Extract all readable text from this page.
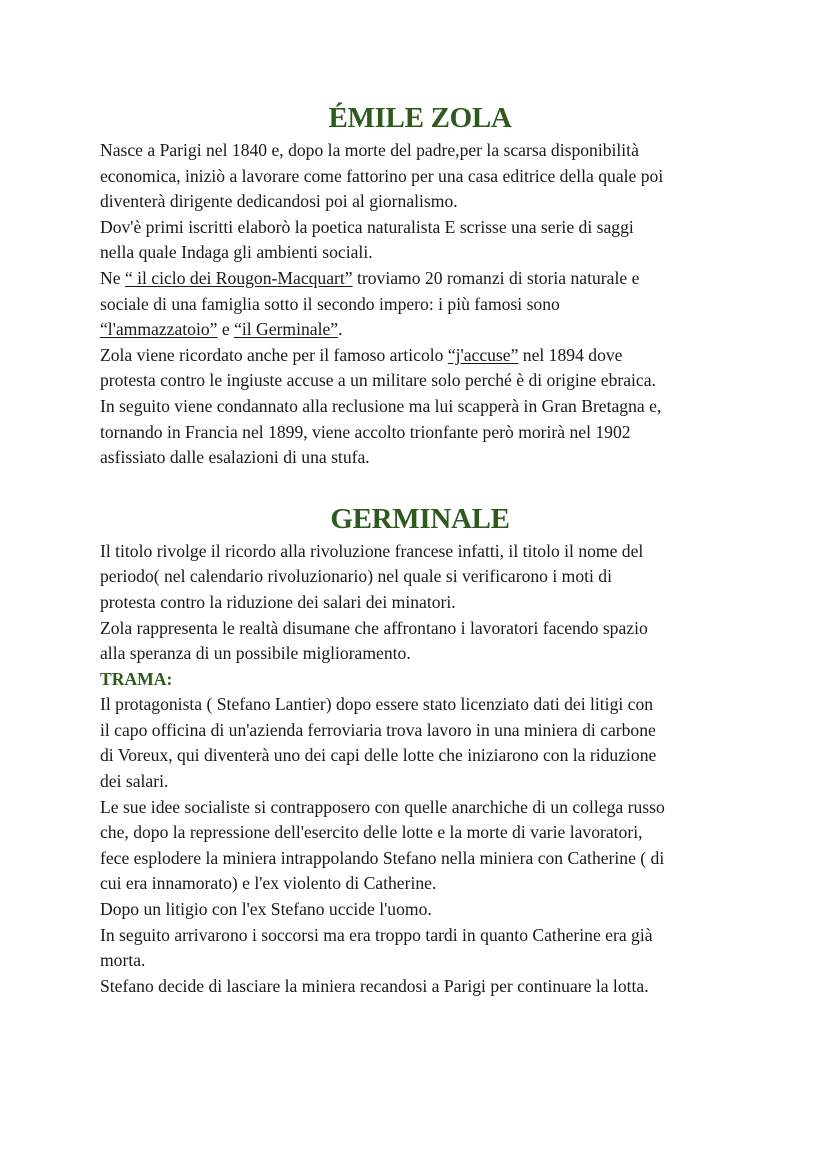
ÉMILE ZOLA

Nasce a Parigi nel 1840 e, dopo la morte del padre,per la scarsa disponibilità

economica, iniziò a lavorare come fattorino per una casa editrice della quale poi

diventerà dirigente dedicandosi poi al giornalismo.

Dov'è primi iscritti elaborò la poetica naturalista E scrisse una serie di saggi

nella quale Indaga gli ambienti sociali.

Ne “ il ciclo dei Rougon-Macquart” troviamo 20 romanzi di storia naturale e

sociale di una famiglia sotto il secondo impero: i più famosi sono

“l'ammazzatoio” e “il Germinale”.

Zola viene ricordato anche per il famoso articolo “j'accuse” nel 1894 dove

protesta contro le ingiuste accuse a un militare solo perché è di origine ebraica.

In seguito viene condannato alla reclusione ma lui scapperà in Gran Bretagna e,

tornando in Francia nel 1899, viene accolto trionfante però morirà nel 1902

asfissiato dalle esalazioni di una stufa.

GERMINALE

Il titolo rivolge il ricordo alla rivoluzione francese infatti, il titolo il nome del

periodo( nel calendario rivoluzionario) nel quale si verificarono i moti di

protesta contro la riduzione dei salari dei minatori.

Zola rappresenta le realtà disumane che affrontano i lavoratori facendo spazio

alla speranza di un possibile miglioramento.

TRAMA:

Il protagonista ( Stefano Lantier) dopo essere stato licenziato dati dei litigi con

il capo officina di un'azienda ferroviaria trova lavoro in una miniera di carbone

di Voreux, qui diventerà uno dei capi delle lotte che iniziarono con la riduzione

dei salari.

Le sue idee socialiste si contrapposero con quelle anarchiche di un collega russo

che, dopo la repressione dell'esercito delle lotte e la morte di varie lavoratori,

fece esplodere la miniera intrappolando Stefano nella miniera con Catherine ( di

cui era innamorato) e l'ex violento di Catherine.

Dopo un litigio con l'ex Stefano uccide l'uomo.

In seguito arrivarono i soccorsi ma era troppo tardi in quanto Catherine era già

morta.

Stefano decide di lasciare la miniera recandosi a Parigi per continuare la lotta.
